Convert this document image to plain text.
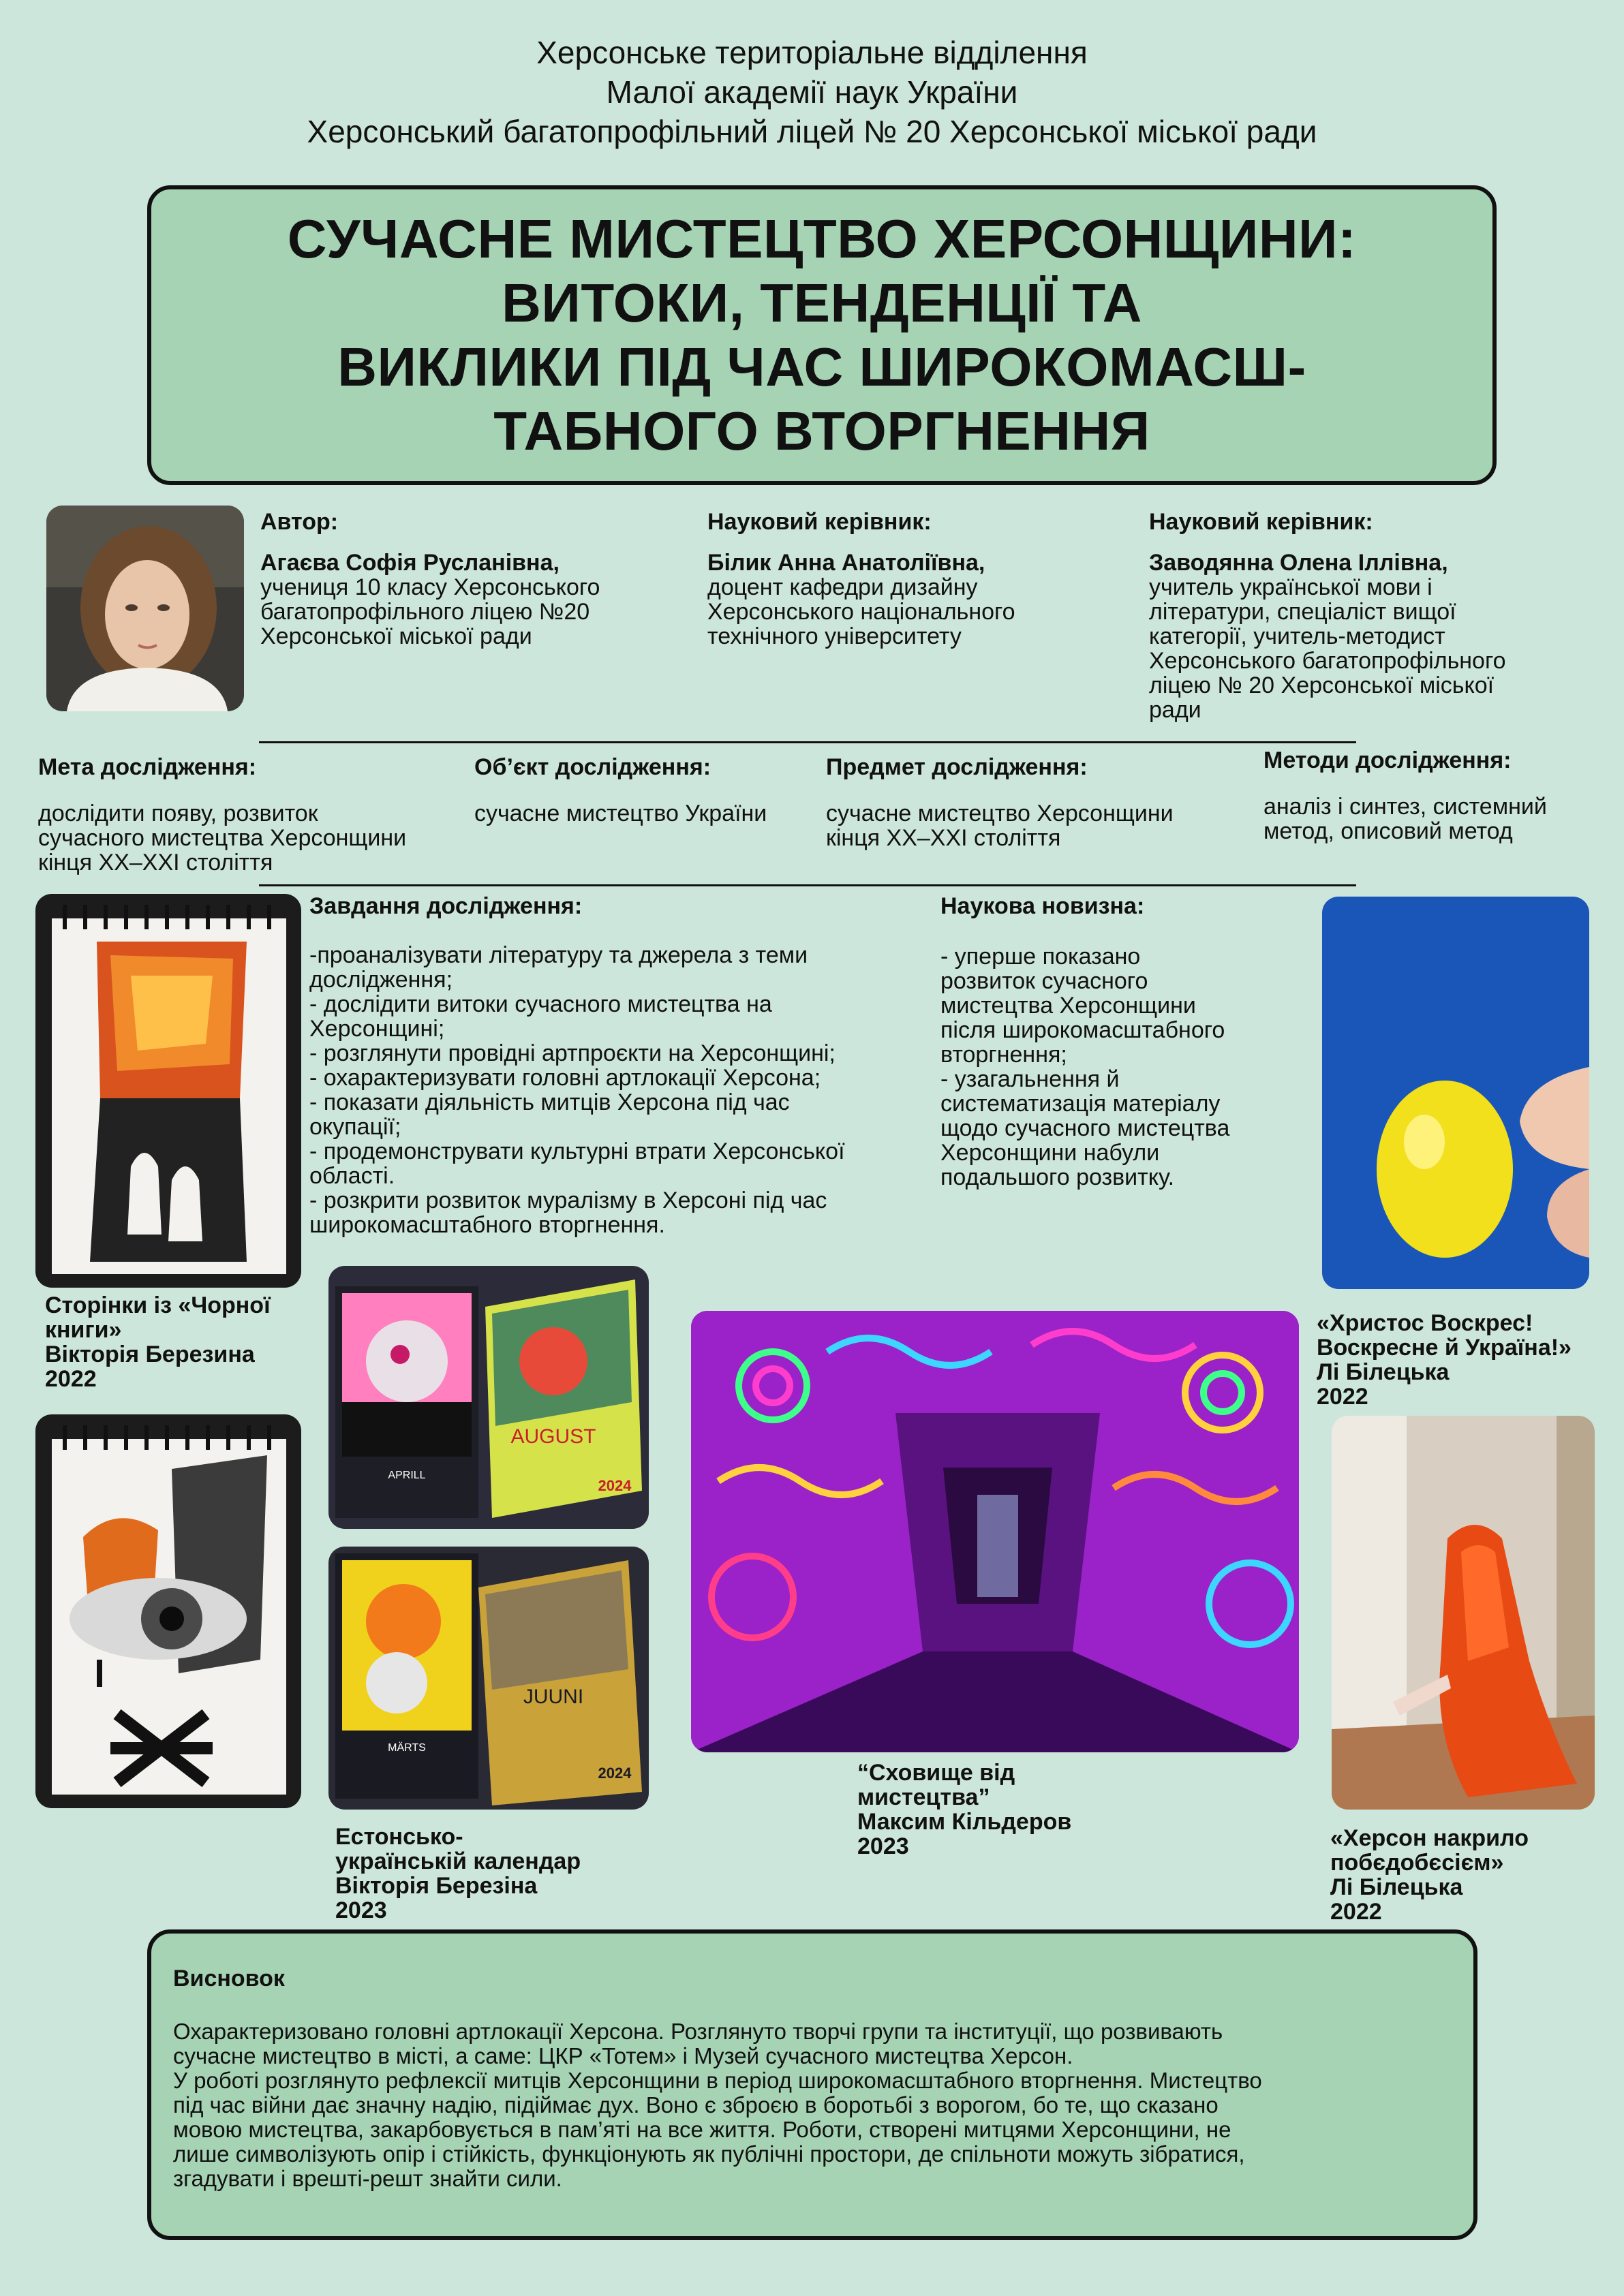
Херсонське територіальне відділення
Малої академії наук України
Херсонський багатопрофільний ліцей № 20 Херсонської міської ради
СУЧАСНЕ МИСТЕЦТВО ХЕРСОНЩИНИ:
ВИТОКИ, ТЕНДЕНЦІЇ ТА
ВИКЛИКИ ПІД ЧАС ШИРОКОМАСШ-
ТАБНОГО ВТОРГНЕННЯ
Автор:
Агаєва Софія Русланівна,
учениця 10 класу Херсонського
багатопрофільного ліцею №20
Херсонської міської ради
Науковий керівник:
Білик Анна Анатоліївна,
доцент кафедри дизайну
Херсонського національного
технічного університету
Науковий керівник:
Заводянна Олена Іллівна,
учитель української мови і
літератури, спеціаліст вищої
категорії, учитель-методист
Херсонського багатопрофільного
ліцею № 20 Херсонської міської
ради
Мета дослідження:
дослідити появу, розвиток
сучасного мистецтва Херсонщини
кінця ХХ–ХХІ століття
Об’єкт дослідження:
сучасне мистецтво України
Предмет дослідження:
сучасне мистецтво Херсонщини
кінця ХХ–ХХІ століття
Методи дослідження:
аналіз і синтез, системний
метод, описовий метод
Завдання дослідження:
-проаналізувати літературу та джерела з теми
дослідження;
- дослідити витоки сучасного мистецтва на
Херсонщині;
- розглянути провідні артпроєкти на Херсонщині;
- охарактеризувати головні артлокації Херсона;
- показати діяльність митців Херсона під час
окупації;
- продемонструвати культурні втрати Херсонської
області.
- розкрити розвиток муралізму в Херсоні під час
широкомасштабного вторгнення.
Наукова новизна:
- уперше показано
розвиток сучасного
мистецтва Херсонщини
після широкомасштабного
вторгнення;
- узагальнення й
систематизація матеріалу
щодо сучасного мистецтва
Херсонщини набули
подальшого розвитку.
Сторінки із «Чорної
книги»
Вікторія Березина
2022
APRILL
AUGUST
2024
MÄRTS
JUUNI
2024
Естонсько-
українській календар
Вікторія Березіна
2023
“Сховище від
мистецтва”
Максим Кільдеров
2023
«Христос Воскрес!
Воскресне й Україна!»
Лі Білецька
2022
«Херсон накрило
побєдобєсієм»
Лі Білецька
2022
Висновок
Охарактеризовано головні артлокації Херсона. Розглянуто творчі групи та інституції, що розвивають
сучасне мистецтво в місті, а саме: ЦКР «Тотем» і Музей сучасного мистецтва Херсон.
У роботі розглянуто рефлексії митців Херсонщини в період широкомасштабного вторгнення. Мистецтво
під час війни дає значну надію, підіймає дух. Воно є зброєю в боротьбі з ворогом, бо те, що сказано
мовою мистецтва, закарбовується в пам’яті на все життя. Роботи, створені митцями Херсонщини, не
лише символізують опір і стійкість, функціонують як публічні простори, де спільноти можуть зібратися,
згадувати і врешті-решт знайти сили.
